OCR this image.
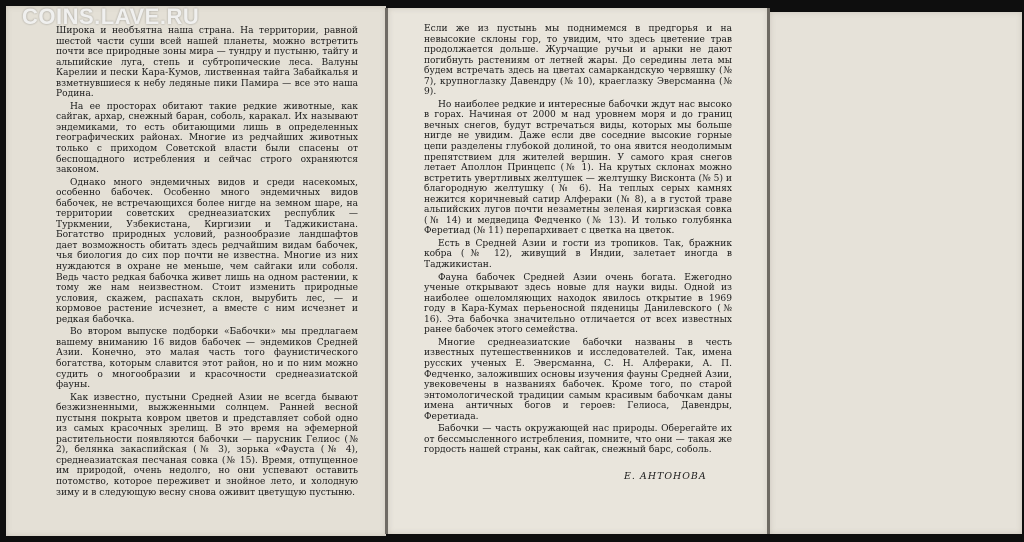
COINS.LAVE.RU

Широка и необъятна наша страна. На территории, равной шестой части суши всей нашей планеты, можно встретить почти все природные зоны мира — тундру и пустыню, тайгу и альпийские луга, степь и субтропические леса. Валуны Карелии и пески Кара-Кумов, лиственная тайга Забайкалья и взметнувшиеся к небу ледяные пики Памира — все это наша Родина.

На ее просторах обитают такие редкие животные, как сайгак, архар, снежный баран, соболь, каракал. Их называют эндемиками, то есть обитающими лишь в определенных географических районах. Многие из редчайших животных только с приходом Советской власти были спасены от беспощадного истребления и сейчас строго охраняются законом.

Однако много эндемичных видов и среди насекомых, особенно бабочек. Особенно много эндемичных видов бабочек, не встречающихся более нигде на земном шаре, на территории советских среднеазиатских республик — Туркмении, Узбекистана, Киргизии и Таджикистана. Богатство природных условий, разнообразие ландшафтов дает возможность обитать здесь редчайшим видам бабочек, чья биология до сих пор почти не известна. Многие из них нуждаются в охране не меньше, чем сайгаки или соболя. Ведь часто редкая бабочка живет лишь на одном растении, к тому же нам неизвестном. Стоит изменить природные условия, скажем, распахать склон, вырубить лес, — и кормовое растение исчезнет, а вместе с ним исчезнет и редкая бабочка.

Во втором выпуске подборки «Бабочки» мы предлагаем вашему вниманию 16 видов бабочек — эндемиков Средней Азии. Конечно, это малая часть того фаунистического богатства, которым славится этот район, но и по ним можно судить о многообразии и красочности среднеазиатской фауны.

Как известно, пустыни Средней Азии не всегда бывают безжизненными, выжженными солнцем. Ранней весной пустыня покрыта ковром цветов и представляет собой одно из самых красочных зрелищ. В это время на эфемерной растительности появляются бабочки — парусник Гелиос (№ 2), белянка закаспийская (№ 3), зорька «Фауста (№ 4), среднеазиатская песчаная совка (№ 15). Время, отпущенное им природой, очень недолго, но они успевают оставить потомство, которое переживет и знойное лето, и холодную зиму и в следующую весну снова оживит цветущую пустыню.

Если же из пустынь мы поднимемся в предгорья и на невысокие склоны гор, то увидим, что здесь цветение трав продолжается дольше. Журчащие ручьи и арыки не дают погибнуть растениям от летней жары. До середины лета мы будем встречать здесь на цветах самаркандскую червяшку (№ 7), крупноглазку Давендру (№ 10), краеглазку Эверсманна (№ 9).

Но наиболее редкие и интересные бабочки ждут нас высоко в горах. Начиная от 2000 м над уровнем моря и до границ вечных снегов, будут встречаться виды, которых мы больше нигде не увидим. Даже если две соседние высокие горные цепи разделены глубокой долиной, то она явится неодолимым препятствием для жителей вершин. У самого края снегов летает Аполлон Принцепс (№ 1). На крутых склонах можно встретить увертливых желтушек — желтушку Висконта (№ 5) и благородную желтушку (№ 6). На теплых серых камнях нежится коричневый сатир Алфераки (№ 8), а в густой траве альпийских лугов почти незаметны зеленая киргизская совка (№ 14) и медведица Федченко (№ 13). И только голубянка Феретиад (№ 11) перепархивает с цветка на цветок.

Есть в Средней Азии и гости из тропиков. Так, бражник кобра (№ 12), живущий в Индии, залетает иногда в Таджикистан.

Фауна бабочек Средней Азии очень богата. Ежегодно ученые открывают здесь новые для науки виды. Одной из наиболее ошеломляющих находок явилось открытие в 1969 году в Кара-Кумах перьеносной пяденицы Данилевского (№ 16). Эта бабочка значительно отличается от всех известных ранее бабочек этого семейства.

Многие среднеазиатские бабочки названы в честь известных путешественников и исследователей. Так, имена русских ученых Е. Эверсманна, С. Н. Алфераки, А. П. Федченко, заложивших основы изучения фауны Средней Азии, увековечены в названиях бабочек. Кроме того, по старой энтомологической традиции самым красивым бабочкам даны имена античных богов и героев: Гелиоса, Давендры, Феретиада.

Бабочки — часть окружающей нас природы. Оберегайте их от бессмысленного истребления, помните, что они — такая же гордость нашей страны, как сайгак, снежный барс, соболь.

Е. АНТОНОВА
